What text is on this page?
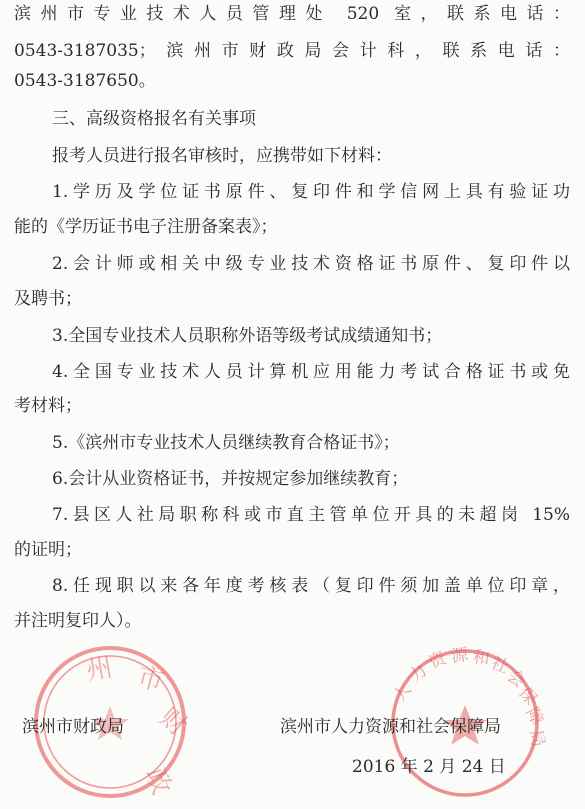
滨州市专业技术人员管理处 520 室，联系电话：
0543-3187035；滨州市财政局会计科，联系电话：
0543-3187650。
三、高级资格报名有关事项
报考人员进行报名审核时，应携带如下材料：
1.学历及学位证书原件、复印件和学信网上具有验证功
能的《学历证书电子注册备案表》；
2.会计师或相关中级专业技术资格证书原件、复印件以
及聘书；
3.全国专业技术人员职称外语等级考试成绩通知书；
4.全国专业技术人员计算机应用能力考试合格证书或免
考材料；
5.《滨州市专业技术人员继续教育合格证书》；
6.会计从业资格证书，并按规定参加继续教育；
7.县区人社局职称科或市直主管单位开具的未超岗 15%
的证明；
8.任现职以来各年度考核表（复印件须加盖单位印章，
并注明复印人）。
州 市
财
政
人
力
资 源 和
社
会
保
障
局
滨州市财政局	滨州市人力资源和社会保障局
2016 年 2 月 24 日
